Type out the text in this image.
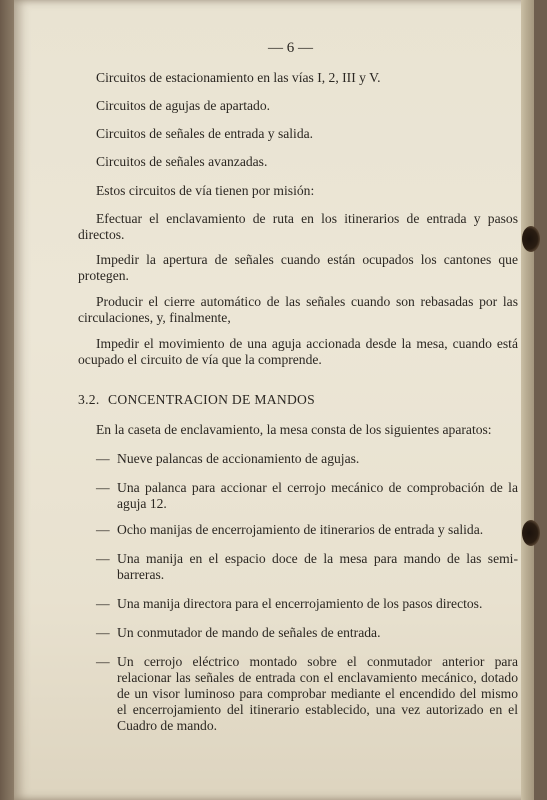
— 6 —
Circuitos de estacionamiento en las vías I, 2, III y V.
Circuitos de agujas de apartado.
Circuitos de señales de entrada y salida.
Circuitos de señales avanzadas.
Estos circuitos de vía tienen por misión:
Efectuar el enclavamiento de ruta en los itinerarios de entrada y pasos directos.
Impedir la apertura de señales cuando están ocupados los cantones que protegen.
Producir el cierre automático de las señales cuando son rebasadas por las circulaciones, y, finalmente,
Impedir el movimiento de una aguja accionada desde la mesa, cuando está ocupado el circuito de vía que la comprende.
3.2. CONCENTRACION DE MANDOS
En la caseta de enclavamiento, la mesa consta de los siguientes aparatos:
— Nueve palancas de accionamiento de agujas.
— Una palanca para accionar el cerrojo mecánico de comprobación de la aguja 12.
— Ocho manijas de encerrojamiento de itinerarios de entrada y salida.
— Una manija en el espacio doce de la mesa para mando de las semi-barreras.
— Una manija directora para el encerrojamiento de los pasos directos.
— Un conmutador de mando de señales de entrada.
— Un cerrojo eléctrico montado sobre el conmutador anterior para relacionar las señales de entrada con el enclavamiento mecánico, dotado de un visor luminoso para comprobar mediante el encendido del mismo el encerrojamiento del itinerario establecido, una vez autorizado en el Cuadro de mando.
